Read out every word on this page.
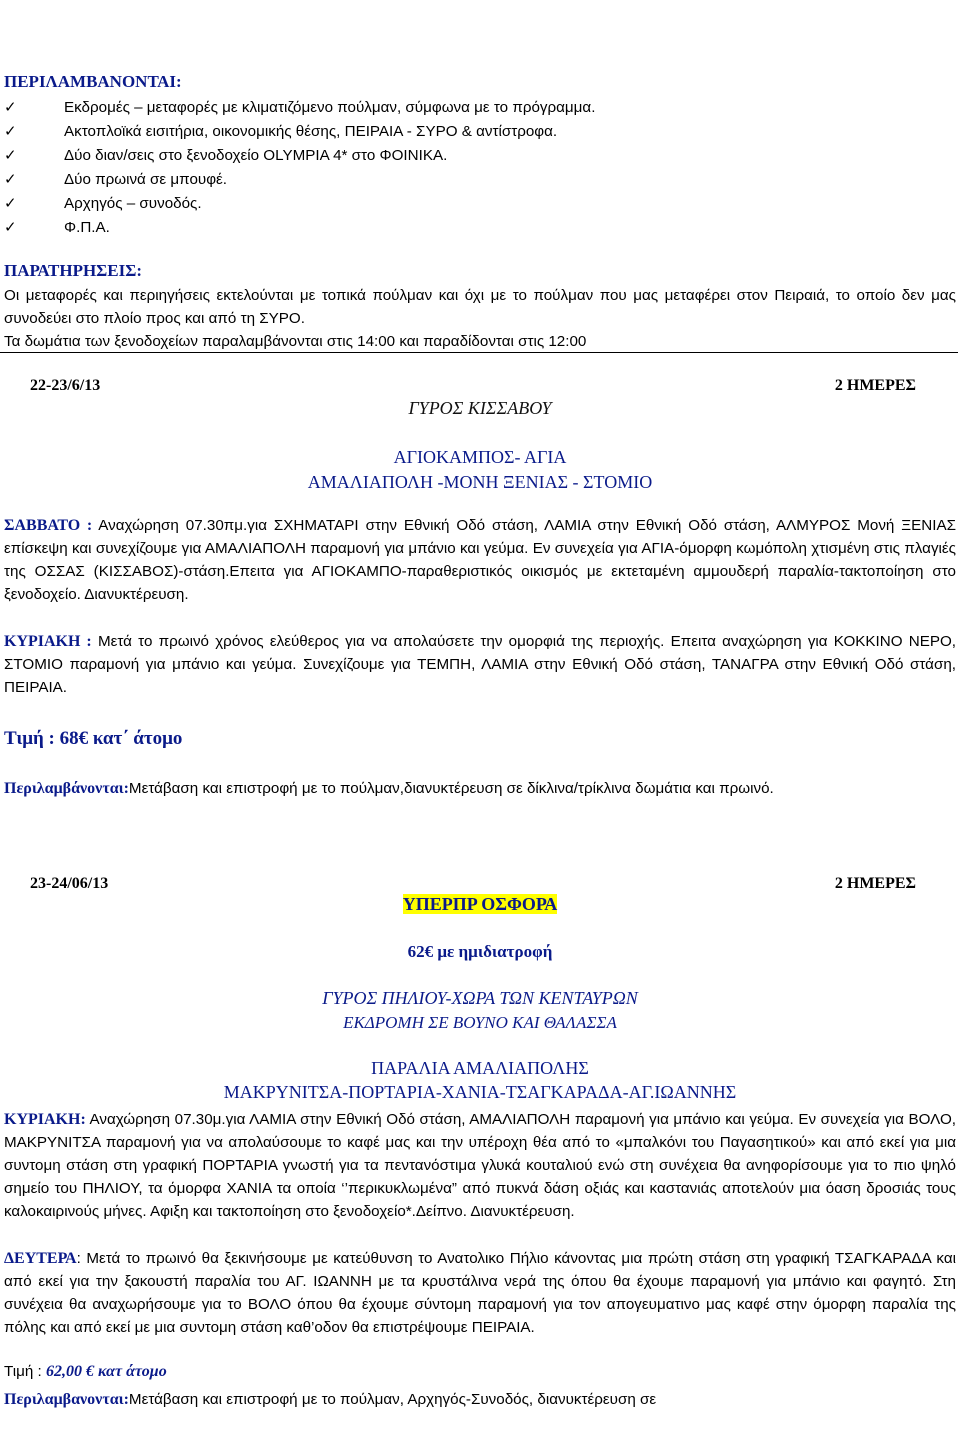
ΠΕΡΙΛΑΜΒΑΝΟΝΤΑΙ:
✓	Εκδρομές – μεταφορές με κλιματιζόμενο πούλμαν, σύμφωνα με το πρόγραμμα.
✓	Ακτοπλοϊκά εισιτήρια, οικονομικής θέσης, ΠΕΙΡΑΙΑ - ΣΥΡΟ & αντίστροφα.
✓	Δύο διαν/σεις στο ξενοδοχείο OLYMPIA 4* στο ΦΟΙΝΙΚΑ.
✓	Δύο πρωινά σε μπουφέ.
✓	Αρχηγός – συνοδός.
✓	Φ.Π.Α.
ΠΑΡΑΤΗΡΗΣΕΙΣ:
Οι μεταφορές και περιηγήσεις εκτελούνται με τοπικά πούλμαν και όχι με το πούλμαν που μας μεταφέρει στον Πειραιά, το οποίο δεν μας συνοδεύει στο πλοίο προς και από τη ΣΥΡΟ.
Τα δωμάτια των ξενοδοχείων παραλαμβάνονται στις 14:00 και παραδίδονται στις 12:00
22-23/6/13	2 ΗΜΕΡΕΣ
ΓΥΡΟΣ ΚΙΣΣΑΒΟΥ
ΑΓΙΟΚΑΜΠΟΣ- ΑΓΙΑ
ΑΜΑΛΙΑΠΟΛΗ -ΜΟΝΗ ΞΕΝΙΑΣ - ΣΤΟΜΙΟ
ΣΑΒΒΑΤΟ : Αναχώρηση 07.30πμ.για ΣΧΗΜΑΤΑΡΙ στην Εθνική Οδό στάση, ΛΑΜΙΑ στην Εθνική Οδό στάση, ΑΛΜΥΡΟΣ Μονή ΞΕΝΙΑΣ επίσκεψη και συνεχίζουμε για ΑΜΑΛΙΑΠΟΛΗ παραμονή για μπάνιο και γεύμα. Εν συνεχεία για ΑΓΙΑ-όμορφη κωμόπολη χτισμένη στις πλαγιές της ΟΣΣΑΣ (ΚΙΣΣΑΒΟΣ)-στάση.Επειτα για ΑΓΙΟΚΑΜΠΟ-παραθεριστικός οικισμός με εκτεταμένη αμμουδερή παραλία-τακτοποίηση στο ξενοδοχείο. Διανυκτέρευση.
ΚΥΡΙΑΚΗ : Μετά το πρωινό χρόνος ελεύθερος για να απολαύσετε την ομορφιά της περιοχής. Επειτα αναχώρηση για ΚΟΚΚΙΝΟ ΝΕΡΟ, ΣΤΟΜΙΟ παραμονή για μπάνιο και γεύμα. Συνεχίζουμε για ΤΕΜΠΗ, ΛΑΜΙΑ στην Εθνική Οδό στάση, ΤΑΝΑΓΡΑ στην Εθνική Οδό στάση, ΠΕΙΡΑΙΑ.
Τιμή : 68€ κατ΄ άτομο
Περιλαμβάνονται:Μετάβαση και επιστροφή με το πούλμαν,διανυκτέρευση σε δίκλινα/τρίκλινα δωμάτια και πρωινό.
23-24/06/13	2 ΗΜΕΡΕΣ
ΥΠΕΡΠΡ ΟΣΦΟΡΑ
62€ με ημιδιατροφή
ΓΥΡΟΣ ΠΗΛΙΟΥ-ΧΩΡΑ ΤΩΝ ΚΕΝΤΑΥΡΩΝ
ΕΚΔΡΟΜΗ ΣΕ ΒΟΥΝΟ ΚΑΙ ΘΑΛΑΣΣΑ
ΠΑΡΑΛΙΑ ΑΜΑΛΙΑΠΟΛΗΣ
ΜΑΚΡΥΝΙΤΣΑ-ΠΟΡΤΑΡΙΑ-ΧΑΝΙΑ-ΤΣΑΓΚΑΡΑΔΑ-ΑΓ.ΙΩΑΝΝΗΣ
ΚΥΡΙΑΚΗ: Αναχώρηση 07.30μ.για ΛΑΜΙΑ στην Εθνική Οδό στάση, ΑΜΑΛΙΑΠΟΛΗ παραμονή για μπάνιο και γεύμα. Εν συνεχεία για ΒΟΛΟ, ΜΑΚΡΥΝΙΤΣΑ παραμονή για να απολαύσουμε το καφέ μας και την υπέροχη θέα από το «μπαλκόνι του Παγασητικού» και από εκεί για μια συντομη στάση στη γραφική ΠΟΡΤΑΡΙΑ γνωστή για τα πεντανόστιμα γλυκά κουταλιού ενώ στη συνέχεια θα ανηφορίσουμε για το πιο ψηλό σημείο του ΠΗΛΙΟΥ, τα όμορφα ΧΑΝΙΑ τα οποία ‘’περικυκλωμένα” από πυκνά δάση οξιάς και καστανιάς αποτελούν μια όαση δροσιάς τους καλοκαιρινούς μήνες. Αφιξη και τακτοποίηση στο ξενοδοχείο*.Δείπνο. Διανυκτέρευση.
ΔΕΥΤΕΡΑ: Μετά το πρωινό θα ξεκινήσουμε με κατεύθυνση το Ανατολικο Πήλιο κάνοντας μια πρώτη στάση στη γραφική ΤΣΑΓΚΑΡΑΔΑ και από εκεί για την ξακουστή παραλία του ΑΓ. ΙΩΑΝΝΗ με τα κρυστάλινα νερά της όπου θα έχουμε παραμονή για μπάνιο και φαγητό. Στη συνέχεια θα αναχωρήσουμε για το ΒΟΛΟ όπου θα έχουμε σύντομη παραμονή για τον απογευματινο μας καφέ στην όμορφη παραλία της πόλης και από εκεί με μια συντομη στάση καθ’οδον θα επιστρέψουμε ΠΕΙΡΑΙΑ.
Τιμή : 62,00 € κατ άτομο
Περιλαμβανονται:Μετάβαση και επιστροφή με το πούλμαν, Αρχηγός-Συνοδός, διανυκτέρευση σε
